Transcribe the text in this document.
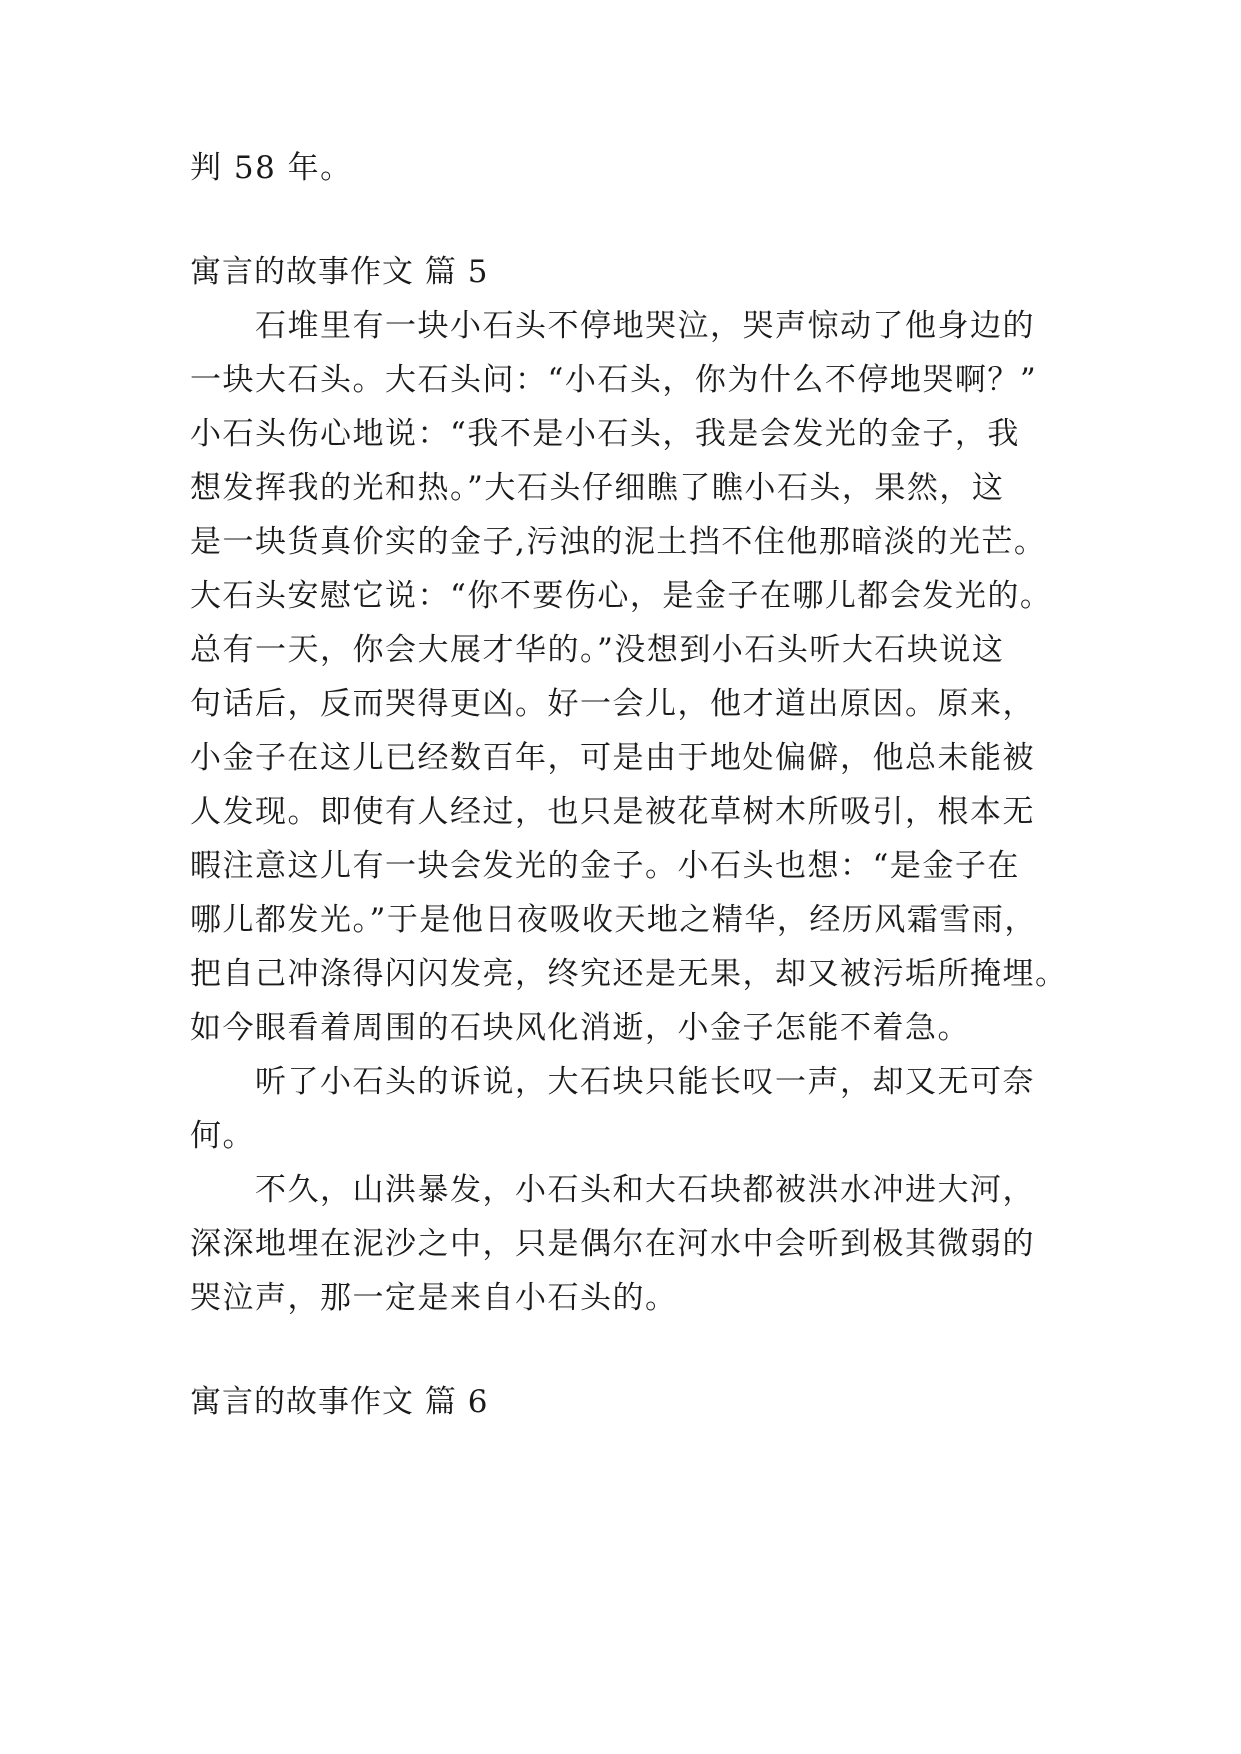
判 58 年。

寓言的故事作文 篇 5

石堆里有一块小石头不停地哭泣，哭声惊动了他身边的

一块大石头。大石头问：“小石头，你为什么不停地哭啊？”

小石头伤心地说：“我不是小石头，我是会发光的金子，我

想发挥我的光和热。”大石头仔细瞧了瞧小石头，果然，这

是一块货真价实的金子,污浊的泥土挡不住他那暗淡的光芒。

大石头安慰它说：“你不要伤心，是金子在哪儿都会发光的。

总有一天，你会大展才华的。”没想到小石头听大石块说这

句话后，反而哭得更凶。好一会儿，他才道出原因。原来，

小金子在这儿已经数百年，可是由于地处偏僻，他总未能被

人发现。即使有人经过，也只是被花草树木所吸引，根本无

暇注意这儿有一块会发光的金子。小石头也想：“是金子在

哪儿都发光。”于是他日夜吸收天地之精华，经历风霜雪雨，

把自己冲涤得闪闪发亮，终究还是无果，却又被污垢所掩埋。

如今眼看着周围的石块风化消逝，小金子怎能不着急。

听了小石头的诉说，大石块只能长叹一声，却又无可奈

何。

不久，山洪暴发，小石头和大石块都被洪水冲进大河，

深深地埋在泥沙之中，只是偶尔在河水中会听到极其微弱的

哭泣声，那一定是来自小石头的。

寓言的故事作文 篇 6
